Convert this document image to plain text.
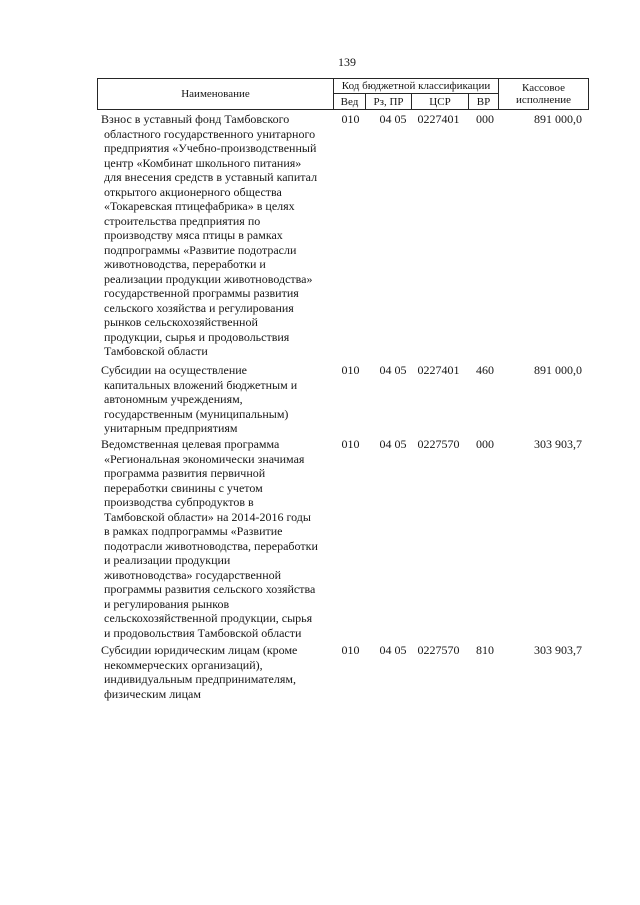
139
Наименование	Код бюджетной классификации				Кассовое исполнение
	Вед	Рз, ПР	ЦСР	ВР	
Взнос в уставный фонд Тамбовского
областного государственного унитарного
предприятия «Учебно-производственный
центр «Комбинат школьного питания»
для внесения средств в уставный капитал
открытого акционерного общества
«Токаревская птицефабрика» в целях
строительства предприятия по
производству мяса птицы в рамках
подпрограммы «Развитие подотрасли
животноводства, переработки и
реализации продукции животноводства»
государственной программы развития
сельского хозяйства и регулирования
рынков сельскохозяйственной
продукции, сырья и продовольствия
Тамбовской области
010	04 05 0227401	000	891 000,0
Субсидии на осуществление
капитальных вложений бюджетным и
автономным учреждениям,
государственным (муниципальным)
унитарным предприятиям
010	04 05 0227401	460	891 000,0
Ведомственная целевая программа
«Региональная экономически значимая
программа развития первичной
переработки свинины с учетом
производства субпродуктов в
Тамбовской области» на 2014-2016 годы
в рамках подпрограммы «Развитие
подотрасли животноводства, переработки
и реализации продукции
животноводства» государственной
программы развития сельского хозяйства
и регулирования рынков
сельскохозяйственной продукции, сырья
и продовольствия Тамбовской области
010	04 05 0227570	000	303 903,7
Субсидии юридическим лицам (кроме
некоммерческих организаций),
индивидуальным предпринимателям,
физическим лицам
010	04 05 0227570	810	303 903,7
